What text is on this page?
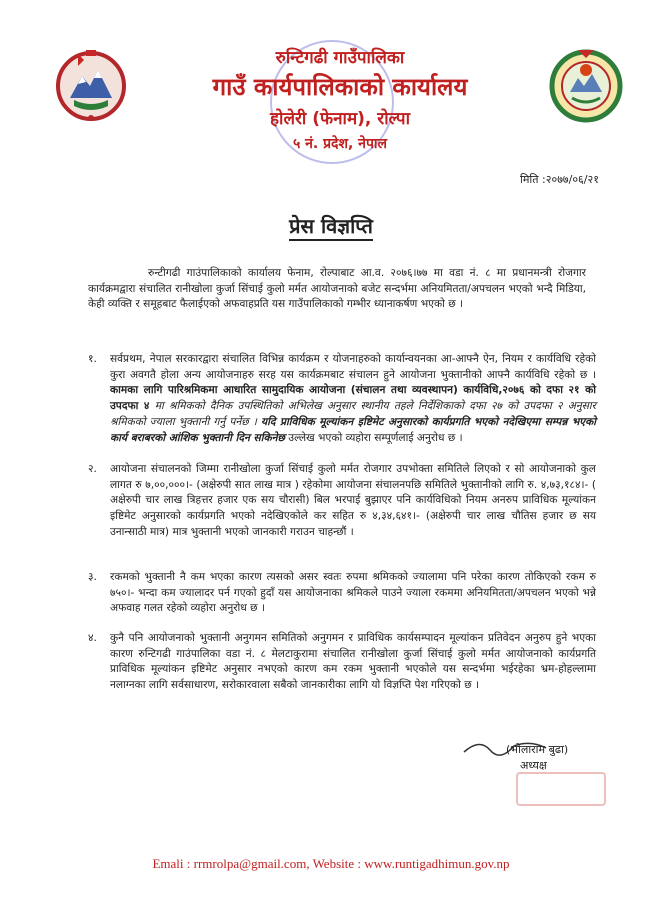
रुन्टिगढी गाउँपालिका
गाउँ कार्यपालिकाको कार्यालय
होलेरी (फेनाम), रोल्पा
५ नं. प्रदेश, नेपाल
मिति :२०७७/०६/२१
प्रेस विज्ञप्ति
रुन्टीगढी गाउंपालिकाको कार्यालय फेनाम, रोल्पाबाट आ.व. २०७६।७७ मा वडा नं. ८ मा प्रधानमन्त्री रोजगार कार्यक्रमद्वारा संचालित रानीखोला कुर्जा सिंचाई कुलो मर्मत आयोजनाको बजेट सन्दर्भमा अनियमितता/अपचलन भएको भन्दै मिडिया, केही व्यक्ति र समूहबाट फैलाईएको अफवाहप्रति यस गाउँपालिकाको गम्भीर ध्यानाकर्षण भएको छ ।
१. सर्वप्रथम, नेपाल सरकारद्वारा संचालित विभिन्न कार्यक्रम र योजनाहरुको कार्यान्वयनका आ-आफ्नै ऐन, नियम र कार्यविधि रहेको कुरा अवगतै होला अन्य आयोजनाहरु सरह यस कार्यक्रमबाट संचालन हुने आयोजना भुक्तानीको आफ्नै कार्यविधि रहेको छ । कामका लागि पारिश्रमिकमा आधारित सामुदायिक आयोजना (संचालन तथा व्यवस्थापन) कार्यविधि,२०७६ को दफा २१ को उपदफा ४ मा श्रमिकको दैनिक उपस्थितिको अभिलेख अनुसार स्थानीय तहले निर्देशिकाको दफा २७ को उपदफा २ अनुसार श्रमिकको ज्याला भुक्तानी गर्नु पर्नेछ । यदि प्राविधिक मूल्यांकन इष्टिमेट अनुसारको कार्यप्रगति भएको नदेखिएमा सम्पन्न भएको कार्य बराबरको आंशिक भुक्तानी दिन सकिनेछ उल्लेख भएको व्यहोरा सम्पूर्णलाई अनुरोध छ ।
२. आयोजना संचालनको जिम्मा रानीखोला कुर्जा सिंचाई कुलो मर्मत रोजगार उपभोक्ता समितिले लिएको र सो आयोजनाको कुल लागत रु ७,००,०००।- (अक्षेरुपी सात लाख मात्र ) रहेकोमा आयोजना संचालनपछि समितिले भुक्तानीको लागि रु. ४,७३,१८४।- ( अक्षेरुपी चार लाख त्रिहत्तर हजार एक सय चौरासी) बिल भरपाई बुझाएर पनि कार्यविधिको नियम अनरुप प्राविधिक मूल्यांकन इष्टिमेट अनुसारको कार्यप्रगति भएको नदेखिएकोले कर सहित रु ४,३४,६४१।- (अक्षेरुपी चार लाख चौतिस हजार छ सय उनान्साठी मात्र) मात्र भुक्तानी भएको जानकारी गराउन चाहन्छौं ।
३. रकमको भुक्तानी नै कम भएका कारण त्यसको असर स्वतः रुपमा श्रमिकको ज्यालामा पनि परेका कारण तोकिएको रकम रु ७५०।- भन्दा कम ज्यालादर पर्न गएको हुदाँ यस आयोजनाका श्रमिकले पाउने ज्याला रकममा अनियमितता/अपचलन भएको भन्ने अफवाह गलत रहेको व्यहोरा अनुरोध छ ।
४. कुनै पनि आयोजनाको भुक्तानी अनुगमन समितिको अनुगमन र प्राविधिक कार्यसम्पादन मूल्यांकन प्रतिवेदन अनुरुप हुने भएका कारण रुन्टिगढी गाउंपालिका वडा नं. ८ मेलटाकुरामा संचालित रानीखोला कुर्जा सिंचाई कुलो मर्मत आयोजनाको कार्यप्रगति प्राविधिक मूल्यांकन इष्टिमेट अनुसार नभएको कारण कम रकम भुक्तानी भएकोले यस सन्दर्भमा भईरहेका भ्रम-होहल्लामा नलाग्नका लागि सर्वसाधारण, सरोकारवाला सबैको जानकारीका लागि यो विज्ञप्ति पेश गरिएको छ ।
(भोलाराम बुढा)
अध्यक्ष
Emali : rrmrolpa@gmail.com, Website : www.runtigadhimun.gov.np
